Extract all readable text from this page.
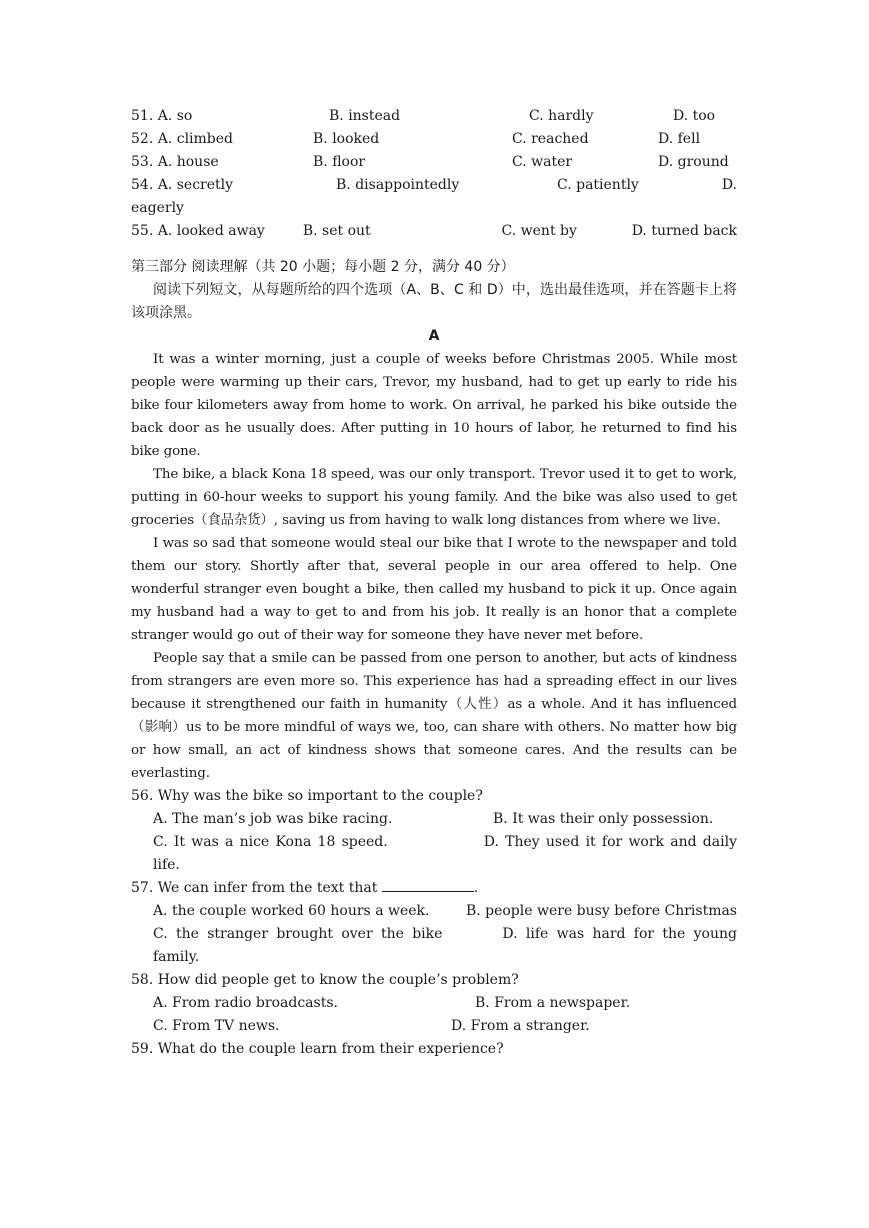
51. A. so	B. instead	C. hardly	D. too
52. A. climbed	B. looked	C. reached	D. fell
53. A. house	B. floor	C. water	D. ground
54. A. secretly	B. disappointedly	C. patiently	D.
eagerly
55. A. looked away	B. set out	C. went by	D. turned back
第三部分 阅读理解（共 20 小题；每小题 2 分，满分 40 分）
阅读下列短文，从每题所给的四个选项（A、B、C 和 D）中，选出最佳选项，并在答题卡上将该项涂黑。
A

It was a winter morning, just a couple of weeks before Christmas 2005. While most people were warming up their cars, Trevor, my husband, had to get up early to ride his bike four kilometers away from home to work. On arrival, he parked his bike outside the back door as he usually does. After putting in 10 hours of labor, he returned to find his bike gone.

The bike, a black Kona 18 speed, was our only transport. Trevor used it to get to work, putting in 60-hour weeks to support his young family. And the bike was also used to get groceries（食品杂货）, saving us from having to walk long distances from where we live.

I was so sad that someone would steal our bike that I wrote to the newspaper and told them our story. Shortly after that, several people in our area offered to help. One wonderful stranger even bought a bike, then called my husband to pick it up. Once again my husband had a way to get to and from his job. It really is an honor that a complete stranger would go out of their way for someone they have never met before.

People say that a smile can be passed from one person to another, but acts of kindness from strangers are even more so. This experience has had a spreading effect in our lives because it strengthened our faith in humanity（人性）as a whole. And it has influenced（影响）us to be more mindful of ways we, too, can share with others. No matter how big or how small, an act of kindness shows that someone cares. And the results can be everlasting.

56. Why was the bike so important to the couple?
A. The man’s job was bike racing.	B. It was their only possession.
C. It was a nice Kona 18 speed.	D. They used it for work and daily life.
57. We can infer from the text that	.
A. the couple worked 60 hours a week.	B. people were busy before Christmas
C. the stranger brought over the bike	D. life was hard for the young family.
58. How did people get to know the couple’s problem?
A. From radio broadcasts.	B. From a newspaper.
C. From TV news.	D. From a stranger.
59. What do the couple learn from their experience?
